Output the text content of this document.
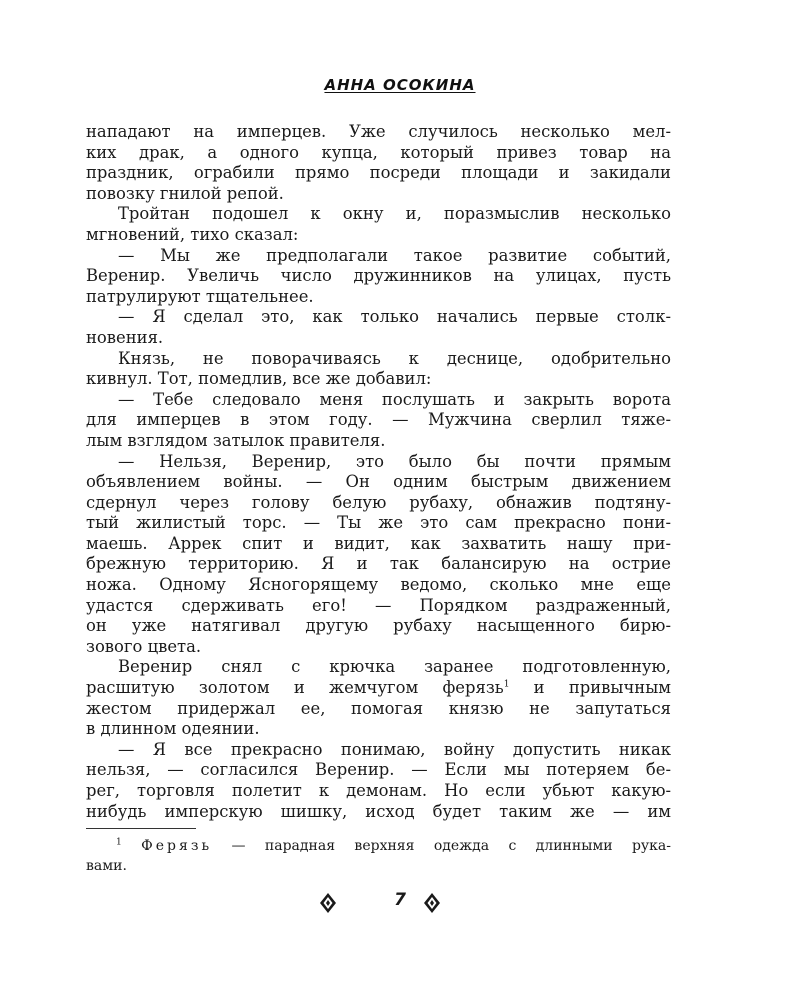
АННА ОСОКИНА

нападают на имперцев. Уже случилось несколько мел-

ких драк, а одного купца, который привез товар на

праздник, ограбили прямо посреди площади и закидали

повозку гнилой репой.

Тройтан подошел к окну и, поразмыслив несколько

мгновений, тихо сказал:

— Мы же предполагали такое развитие событий,

Веренир. Увеличь число дружинников на улицах, пусть

патрулируют тщательнее.

— Я сделал это, как только начались первые столк-

новения.

Князь, не поворачиваясь к деснице, одобрительно

кивнул. Тот, помедлив, все же добавил:

— Тебе следовало меня послушать и закрыть ворота

для имперцев в этом году. — Мужчина сверлил тяже-

лым взглядом затылок правителя.

— Нельзя, Веренир, это было бы почти прямым

объявлением войны. — Он одним быстрым движением

сдернул через голову белую рубаху, обнажив подтяну-

тый жилистый торс. — Ты же это сам прекрасно пони-

маешь. Аррек спит и видит, как захватить нашу при-

брежную территорию. Я и так балансирую на острие

ножа. Одному Ясногорящему ведомо, сколько мне еще

удастся сдерживать его! — Порядком раздраженный,

он уже натягивал другую рубаху насыщенного бирю-

зового цвета.

Веренир снял с крючка заранее подготовленную,

расшитую золотом и жемчугом ферязь$^1$ и привычным

жестом придержал ее, помогая князю не запутаться

в длинном одеянии.

— Я все прекрасно понимаю, войну допустить никак

нельзя, — согласился Веренир. — Если мы потеряем бе-

рег, торговля полетит к демонам. Но если убьют какую-

нибудь имперскую шишку, исход будет таким же — им

$^1$ Ферязь — парадная верхняя одежда с длинными рука-

вами.

7
